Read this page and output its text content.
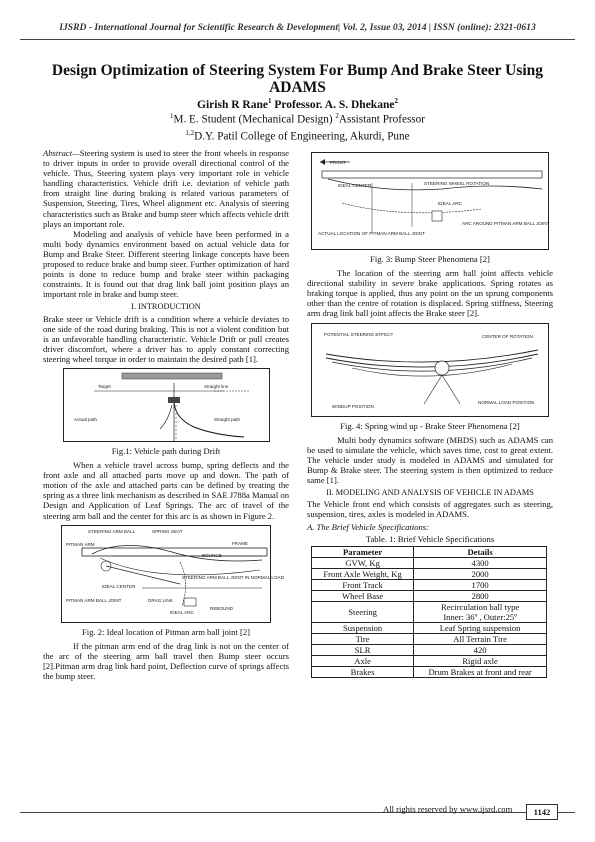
IJSRD - International Journal for Scientific Research & Development| Vol. 2, Issue 03, 2014 | ISSN (online): 2321-0613
Design Optimization of Steering System For Bump And Brake Steer Using ADAMS
Girish R Rane$^1$ Professor. A. S. Dhekane$^2$
$^1$M. E. Student (Mechanical Design) $^2$Assistant Professor
$^{1,2}$D.Y. Patil College of Engineering, Akurdi, Pune

Abstract—Steering system is used to steer the front wheels in response to driver inputs in order to provide overall directional control of the vehicle. Thus, Steering system plays very important role in vehicle handling characteristics. Vehicle drift i.e. deviation of vehicle path from straight line during braking is related various parameters of Suspension, Steering, Tires, Wheel alignment etc. Analysis of steering characteristics such as Brake and bump steer which affects vehicle drift plays an important role.

Modeling and analysis of vehicle have been performed in a multi body dynamics environment based on actual vehicle data for Bump and Brake Steer. Different steering linkage concepts have been proposed to reduce brake and bump steer. Further optimization of hard points is done to reduce bump and brake steer within packaging constraints. It is found out that drag link ball joint position plays an important role in brake and bump steer.

I. INTRODUCTION

Brake steer or Vehicle drift is a condition where a vehicle deviates to one side of the road during braking. This is not a violent condition but is an unfavorable handling characteristic. Vehicle Drift or pull creates driver discomfort, where a driver has to apply constant correcting steering wheel torque in order to maintain the desired path [1].

Target	Straight line
Actual path	Straight path
Fig.1: Vehicle path during Drift

When a vehicle travel across bump, spring deflects and the front axle and all attached parts move up and down. The path of motion of the axle and attached parts can be defined by treating the spring as a three link mechanism as described in SAE J788a Manual on Design and Application of Leaf Springs. The arc of travel of the steering arm ball and the center for this arc is as shown in Figure 2.

STEERING ARM BALL	SPRING SEAT
PITMAN ARM	FRAME
BOUNCE
STEERING ARM BALL JOINT IN NORMAL LOAD
IDEAL CENTER
PITMAN ARM BALL JOINT	DRAG LINK
IDEAL ARC
REBOUND
Fig. 2: Ideal location of Pitman arm ball joint [2]

If the pitman arm end of the drag link is not on the center of the arc of the steering arm ball travel then Bump steer occurs [2].Pitman arm drag link hard point, Deflection curve of springs affects the bump steer.

FRONT
STEERING WHEEL ROTATION
IDEAL CENTER
IDEAL ARC
ARC AROUND PITMAN ARM BALL JOINT
ACTUAL LOCATION OF PITMAN ARM BALL JOINT
Fig. 3: Bump Steer Phenomena [2]

The location of the steering arm ball joint affects vehicle directional stability in severe brake applications. Spring rotates as braking torque is applied, thus any point on the un sprung components other than the centre of rotation is displaced. Spring stiffness, Steering arm drag link ball joint affects the Brake steer [2].

POTENTIAL STEERING EFFECT	CENTER OF ROTATION
WINDUP POSITION
NORMAL LOAD POSITION
Fig. 4: Spring wind up - Brake Steer Phenomena [2]

Multi body dynamics software (MBDS) such as ADAMS can be used to simulate the vehicle, which saves time, cost to great extent. The vehicle under study is modeled in ADAMS and simulated for Bump & Brake steer. The steering system is then optimized to reduce same [1].

II. MODELING AND ANALYSIS OF VEHICLE IN ADAMS

The Vehicle front end which consists of aggregates such as steering, suspension, tires, axles is modeled in ADAMS.

A. The Brief Vehicle Specifications:
Table. 1: Brief Vehicle Specifications
Parameter	Details
GVW, Kg	4300
Front Axle Weight, Kg	2000
Front Track	1700
Wheel Base	2800
Steering	Recirculation ball type
Inner: 36º , Outer:25º
Suspension	Leaf Spring suspension
Tire	All Terrain Tire
SLR	420
Axle	Rigid axle
Brakes	Drum Brakes at front and rear
All rights reserved by www.ijsrd.com	1142
